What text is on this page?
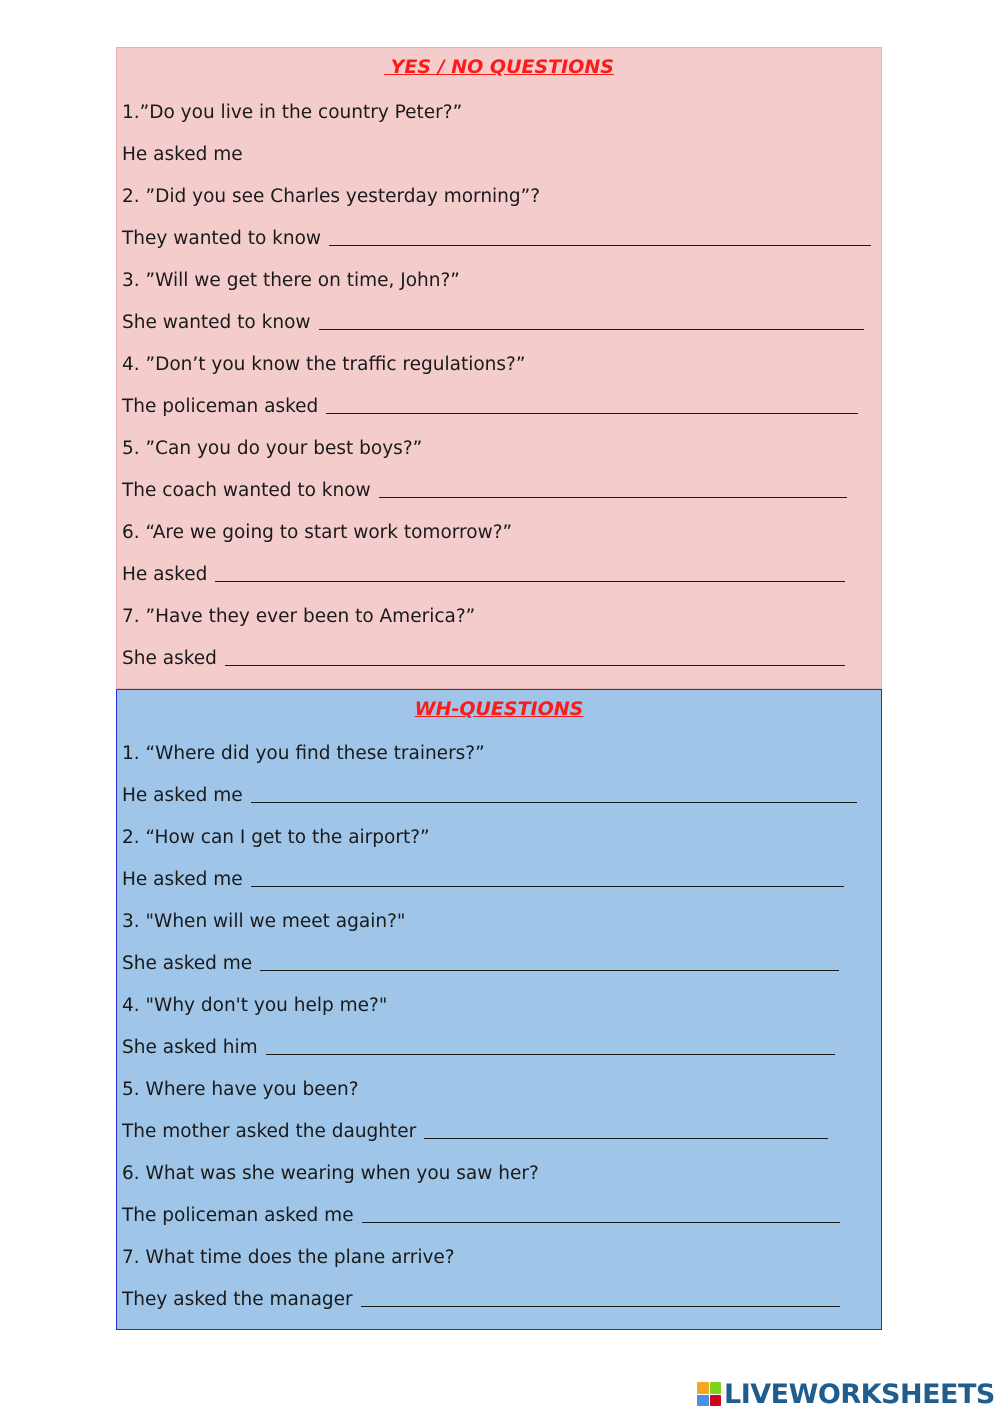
YES / NO QUESTIONS
1.”Do you live in the country Peter?”
He asked me
2. ”Did you see Charles yesterday morning”?
They wanted to know
3. ”Will we get there on time, John?”
She wanted to know
4. ”Don’t you know the traffic regulations?”
The policeman asked
5. ”Can you do your best boys?”
The coach wanted to know
6. “Are we going to start work tomorrow?”
He asked
7. ”Have they ever been to America?”
She asked
WH-QUESTIONS
1. “Where did you find these trainers?”
He asked me
2. “How can I get to the airport?”
He asked me
3. "When will we meet again?"
She asked me
4. "Why don't you help me?"
She asked him
5. Where have you been?
The mother asked the daughter
6. What was she wearing when you saw her?
The policeman asked me
7. What time does the plane arrive?
They asked the manager
LIVEWORKSHEETS
